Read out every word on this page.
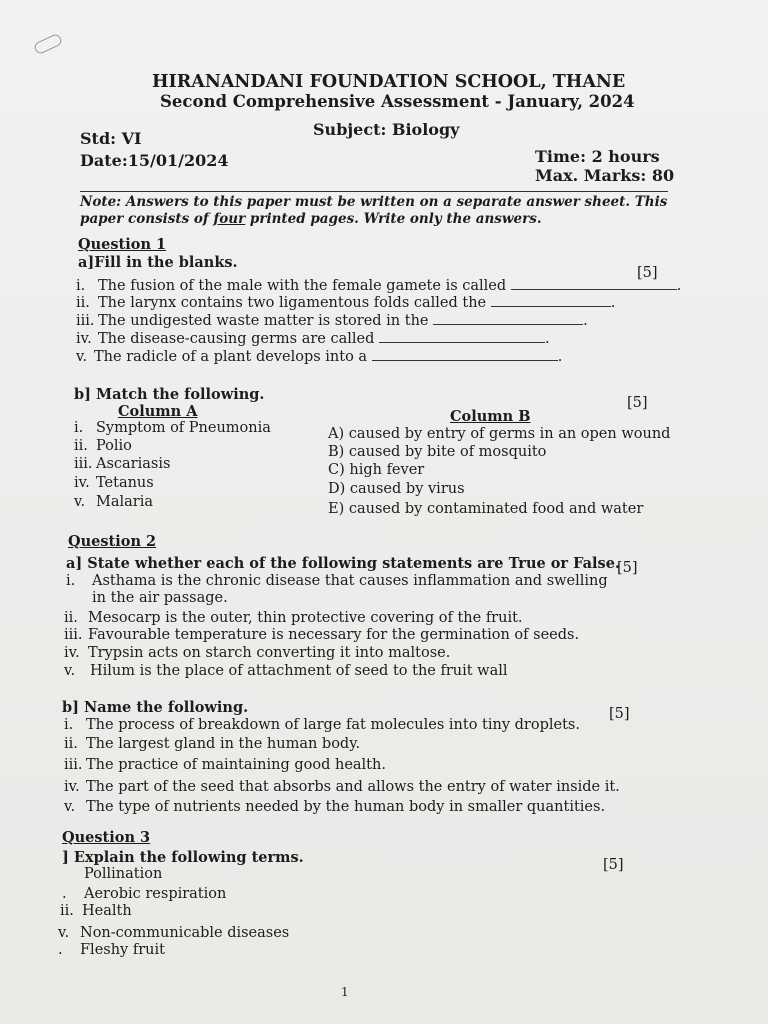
HIRANANDANI FOUNDATION SCHOOL, THANE
Second Comprehensive Assessment - January, 2024
Subject: Biology
Std: VI
Date:15/01/2024	Time: 2 hours
Max. Marks: 80
Note: Answers to this paper must be written on a separate answer sheet. This
paper consists of four printed pages. Write only the answers.
Question 1
a]Fill in the blanks.
[5]
i. The fusion of the male with the female gamete is called	.
ii. The larynx contains two ligamentous folds called the	.
iii. The undigested waste matter is stored in the	.
iv. The disease-causing germs are called	.
v. The radicle of a plant develops into a	.
b] Match the following.	[5]
Column A	Column B
i. Symptom of Pneumonia
ii. Polio
iii. Ascariasis
iv. Tetanus
v. Malaria
A) caused by entry of germs in an open wound
B) caused by bite of mosquito
C) high fever
D) caused by virus
E) caused by contaminated food and water
Question 2
a] State whether each of the following statements are True or False.
[5]
i. Asthama is the chronic disease that causes inflammation and swelling
in the air passage.
ii. Mesocarp is the outer, thin protective covering of the fruit.
iii. Favourable temperature is necessary for the germination of seeds.
iv. Trypsin acts on starch converting it into maltose.
v. Hilum is the place of attachment of seed to the fruit wall
b] Name the following.	[5]
i. The process of breakdown of large fat molecules into tiny droplets.
ii. The largest gland in the human body.
iii. The practice of maintaining good health.
iv. The part of the seed that absorbs and allows the entry of water inside it.
v. The type of nutrients needed by the human body in smaller quantities.
Question 3
] Explain the following terms.	[5]
Pollination
. Aerobic respiration
ii. Health
v. Non-communicable diseases
. Fleshy fruit
1
